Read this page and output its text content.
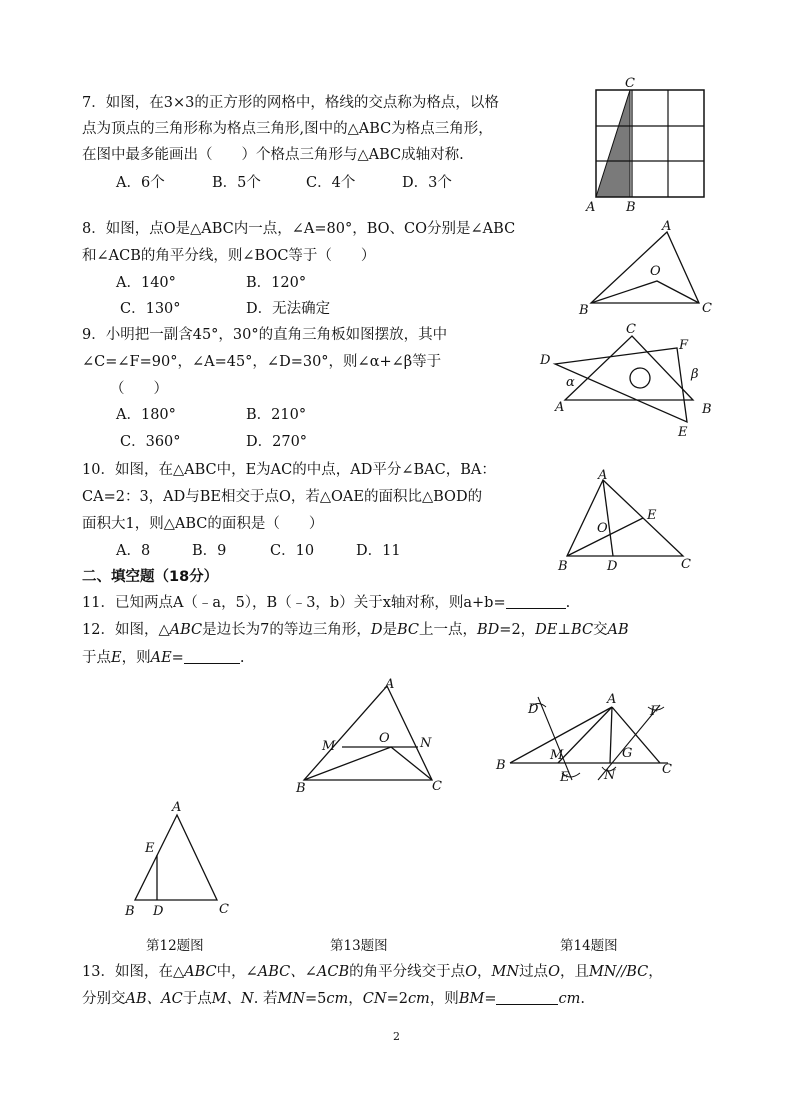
7．如图，在3×3的正方形的网格中，格线的交点称为格点，以格
点为顶点的三角形称为格点三角形,图中的△ABC为格点三角形，
在图中最多能画出（　　）个格点三角形与△ABC成轴对称.
A．6个	B．5个	C．4个	D．3个
C
A B
8．如图，点O是△ABC内一点，∠A=80°，BO、CO分别是∠ABC
和∠ACB的角平分线，则∠BOC等于（　　）
A．140°	B．120°
C．130°	D．无法确定
A
O
B	C
9．小明把一副含45°，30°的直角三角板如图摆放，其中
∠C=∠F=90°，∠A=45°，∠D=30°，则∠α+∠β等于
（　　）
A．180°	B．210°
C．360°	D．270°
C
F
D
α
β
A	B
E
10．如图，在△ABC中，E为AC的中点，AD平分∠BAC，BA：
CA=2：3，AD与BE相交于点O，若△OAE的面积比△BOD的
面积大1，则△ABC的面积是（　　）
A．8	B．9	C．10	D．11
A
E
O
B	D	C
二、填空题（18分）
11．已知两点A（﹣a，5），B（﹣3，b）关于x轴对称，则a+b=	.
12．如图，△ABC是边长为7的等边三角形，D是BC上一点，BD=2，DE⊥BC交AB
于点E，则AE=	.
A
M
O N
B	C
A
D	F
B
M	G
C
E	N
A
E
B D	C
第12题图	第13题图	第14题图
13．如图，在△ABC中，∠ABC、∠ACB的角平分线交于点O，MN过点O，且MN//BC，
分别交AB、AC于点M、N. 若MN=5cm，CN=2cm，则BM=	cm.
2
